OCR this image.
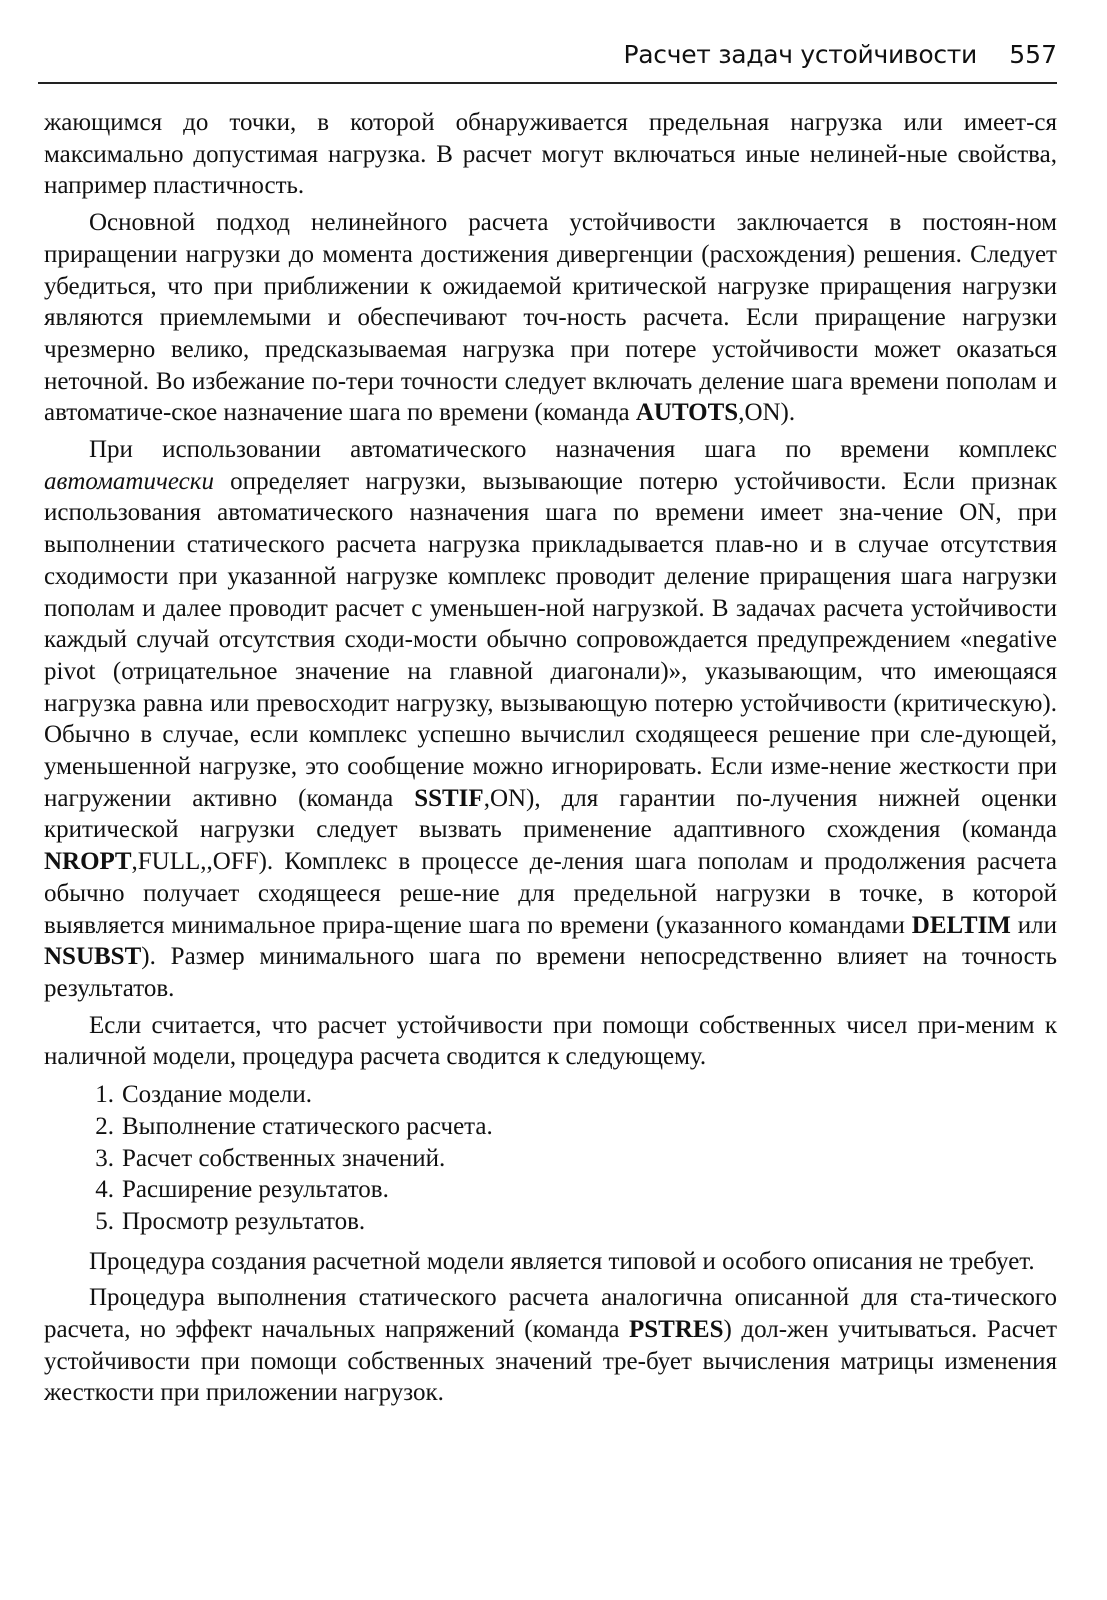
Расчет задач устойчивости 557

жающимся до точки, в которой обнаруживается предельная нагрузка или имеет-ся максимально допустимая нагрузка. В расчет могут включаться иные нелиней-ные свойства, например пластичность.

Основной подход нелинейного расчета устойчивости заключается в постоян-ном приращении нагрузки до момента достижения дивергенции (расхождения) решения. Следует убедиться, что при приближении к ожидаемой критической нагрузке приращения нагрузки являются приемлемыми и обеспечивают точ-ность расчета. Если приращение нагрузки чрезмерно велико, предсказываемая нагрузка при потере устойчивости может оказаться неточной. Во избежание по-тери точности следует включать деление шага времени пополам и автоматиче-ское назначение шага по времени (команда AUTOTS,ON).

При использовании автоматического назначения шага по времени комплекс автоматически определяет нагрузки, вызывающие потерю устойчивости. Если признак использования автоматического назначения шага по времени имеет зна-чение ON, при выполнении статического расчета нагрузка прикладывается плав-но и в случае отсутствия сходимости при указанной нагрузке комплекс проводит деление приращения шага нагрузки пополам и далее проводит расчет с уменьшен-ной нагрузкой. В задачах расчета устойчивости каждый случай отсутствия сходи-мости обычно сопровождается предупреждением «negative pivot (отрицательное значение на главной диагонали)», указывающим, что имеющаяся нагрузка равна или превосходит нагрузку, вызывающую потерю устойчивости (критическую). Обычно в случае, если комплекс успешно вычислил сходящееся решение при сле-дующей, уменьшенной нагрузке, это сообщение можно игнорировать. Если изме-нение жесткости при нагружении активно (команда SSTIF,ON), для гарантии по-лучения нижней оценки критической нагрузки следует вызвать применение адаптивного схождения (команда NROPT,FULL,,OFF). Комплекс в процессе де-ления шага пополам и продолжения расчета обычно получает сходящееся реше-ние для предельной нагрузки в точке, в которой выявляется минимальное прира-щение шага по времени (указанного командами DELTIM или NSUBST). Размер минимального шага по времени непосредственно влияет на точность результатов.

Если считается, что расчет устойчивости при помощи собственных чисел при-меним к наличной модели, процедура расчета сводится к следующему.

1. Создание модели.
2. Выполнение статического расчета.
3. Расчет собственных значений.
4. Расширение результатов.
5. Просмотр результатов.

Процедура создания расчетной модели является типовой и особого описания не требует.

Процедура выполнения статического расчета аналогична описанной для ста-тического расчета, но эффект начальных напряжений (команда PSTRES) дол-жен учитываться. Расчет устойчивости при помощи собственных значений тре-бует вычисления матрицы изменения жесткости при приложении нагрузок.
